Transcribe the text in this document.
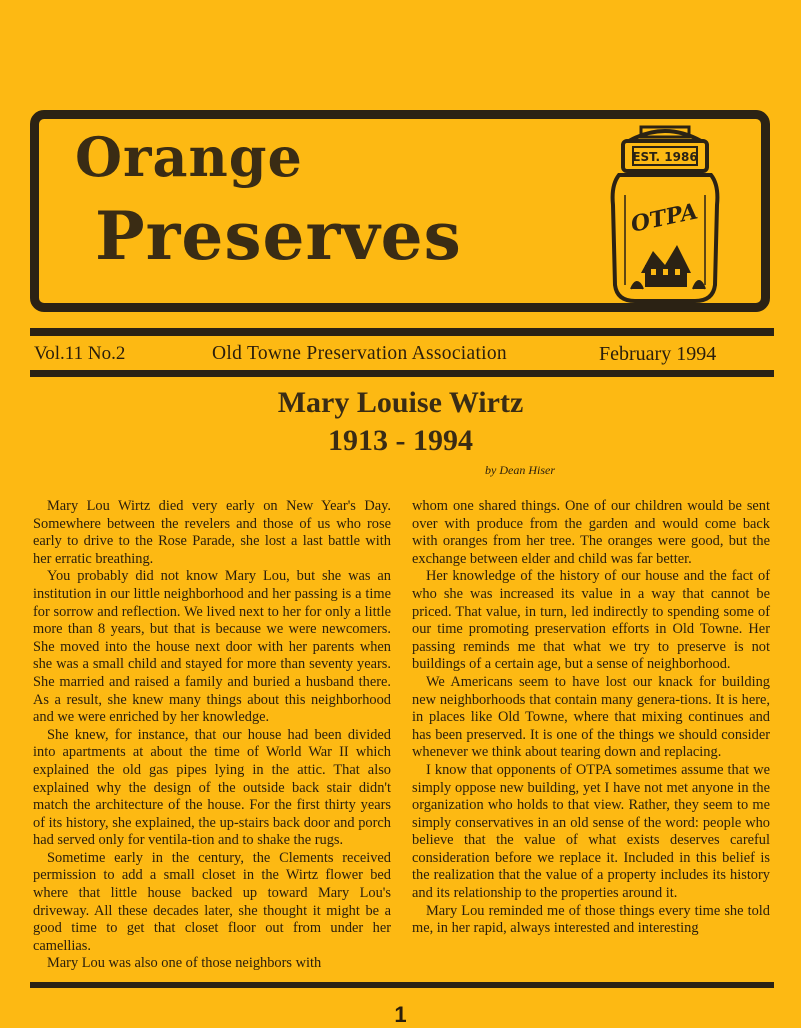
Orange
Preserves
EST. 1986
OTPA
Vol.11 No.2	Old Towne Preservation Association	February 1994
Mary Louise Wirtz
1913 - 1994
by Dean Hiser

Mary Lou Wirtz died very early on New Year's Day. Somewhere between the revelers and those of us who rose early to drive to the Rose Parade, she lost a last battle with her erratic breathing.

You probably did not know Mary Lou, but she was an institution in our little neighborhood and her passing is a time for sorrow and reflection. We lived next to her for only a little more than 8 years, but that is because we were newcomers. She moved into the house next door with her parents when she was a small child and stayed for more than seventy years. She married and raised a family and buried a husband there. As a result, she knew many things about this neighborhood and we were enriched by her knowledge.

She knew, for instance, that our house had been divided into apartments at about the time of World War II which explained the old gas pipes lying in the attic. That also explained why the design of the outside back stair didn't match the architecture of the house. For the first thirty years of its history, she explained, the up-stairs back door and porch had served only for ventila-tion and to shake the rugs.

Sometime early in the century, the Clements received permission to add a small closet in the Wirtz flower bed where that little house backed up toward Mary Lou's driveway. All these decades later, she thought it might be a good time to get that closet floor out from under her camellias.

Mary Lou was also one of those neighbors with

whom one shared things. One of our children would be sent over with produce from the garden and would come back with oranges from her tree. The oranges were good, but the exchange between elder and child was far better.

Her knowledge of the history of our house and the fact of who she was increased its value in a way that cannot be priced. That value, in turn, led indirectly to spending some of our time promoting preservation efforts in Old Towne. Her passing reminds me that what we try to preserve is not buildings of a certain age, but a sense of neighborhood.

We Americans seem to have lost our knack for building new neighborhoods that contain many genera-tions. It is here, in places like Old Towne, where that mixing continues and has been preserved. It is one of the things we should consider whenever we think about tearing down and replacing.

I know that opponents of OTPA sometimes assume that we simply oppose new building, yet I have not met anyone in the organization who holds to that view. Rather, they seem to me simply conservatives in an old sense of the word: people who believe that the value of what exists deserves careful consideration before we replace it. Included in this belief is the realization that the value of a property includes its history and its relationship to the properties around it.

Mary Lou reminded me of those things every time she told me, in her rapid, always interested and interesting

1
